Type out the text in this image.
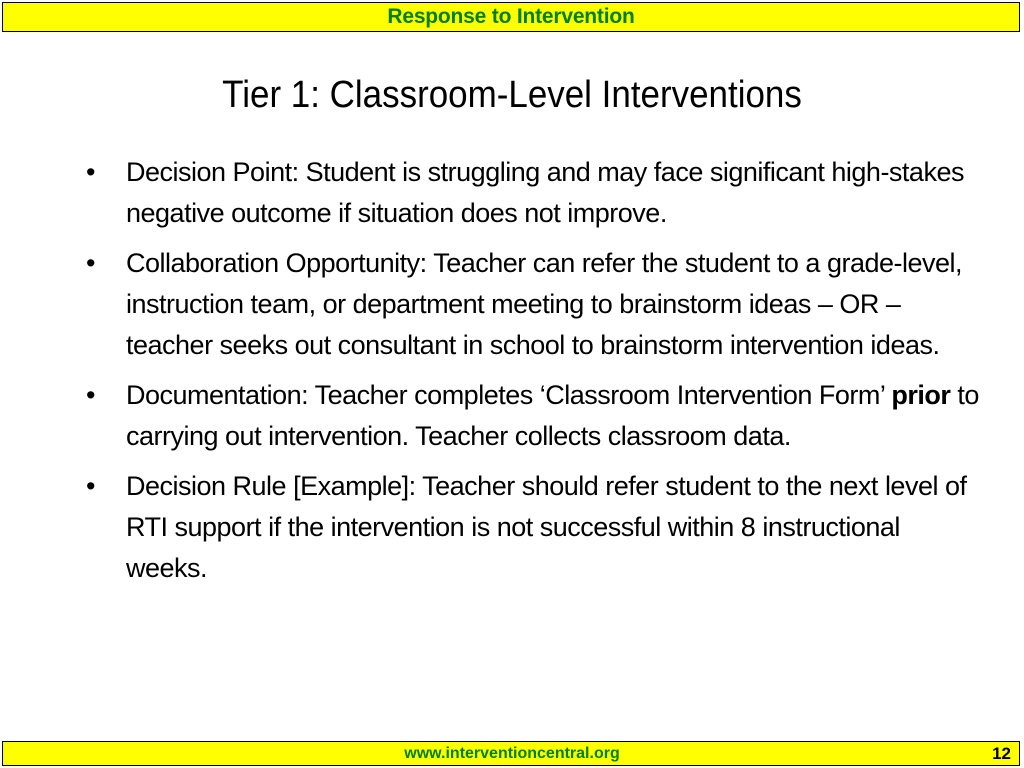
Response to Intervention
Tier 1: Classroom-Level Interventions
•	Decision Point: Student is struggling and may face significant high-stakes negative outcome if situation does not improve.
•	Collaboration Opportunity: Teacher can refer the student to a grade-level, instruction team, or department meeting to brainstorm ideas – OR – teacher seeks out consultant in school to brainstorm intervention ideas.
•	Documentation: Teacher completes ‘Classroom Intervention Form’ prior to carrying out intervention. Teacher collects classroom data.
•	Decision Rule [Example]: Teacher should refer student to the next level of RTI support if the intervention is not successful within 8 instructional weeks.
www.interventioncentral.org	12
